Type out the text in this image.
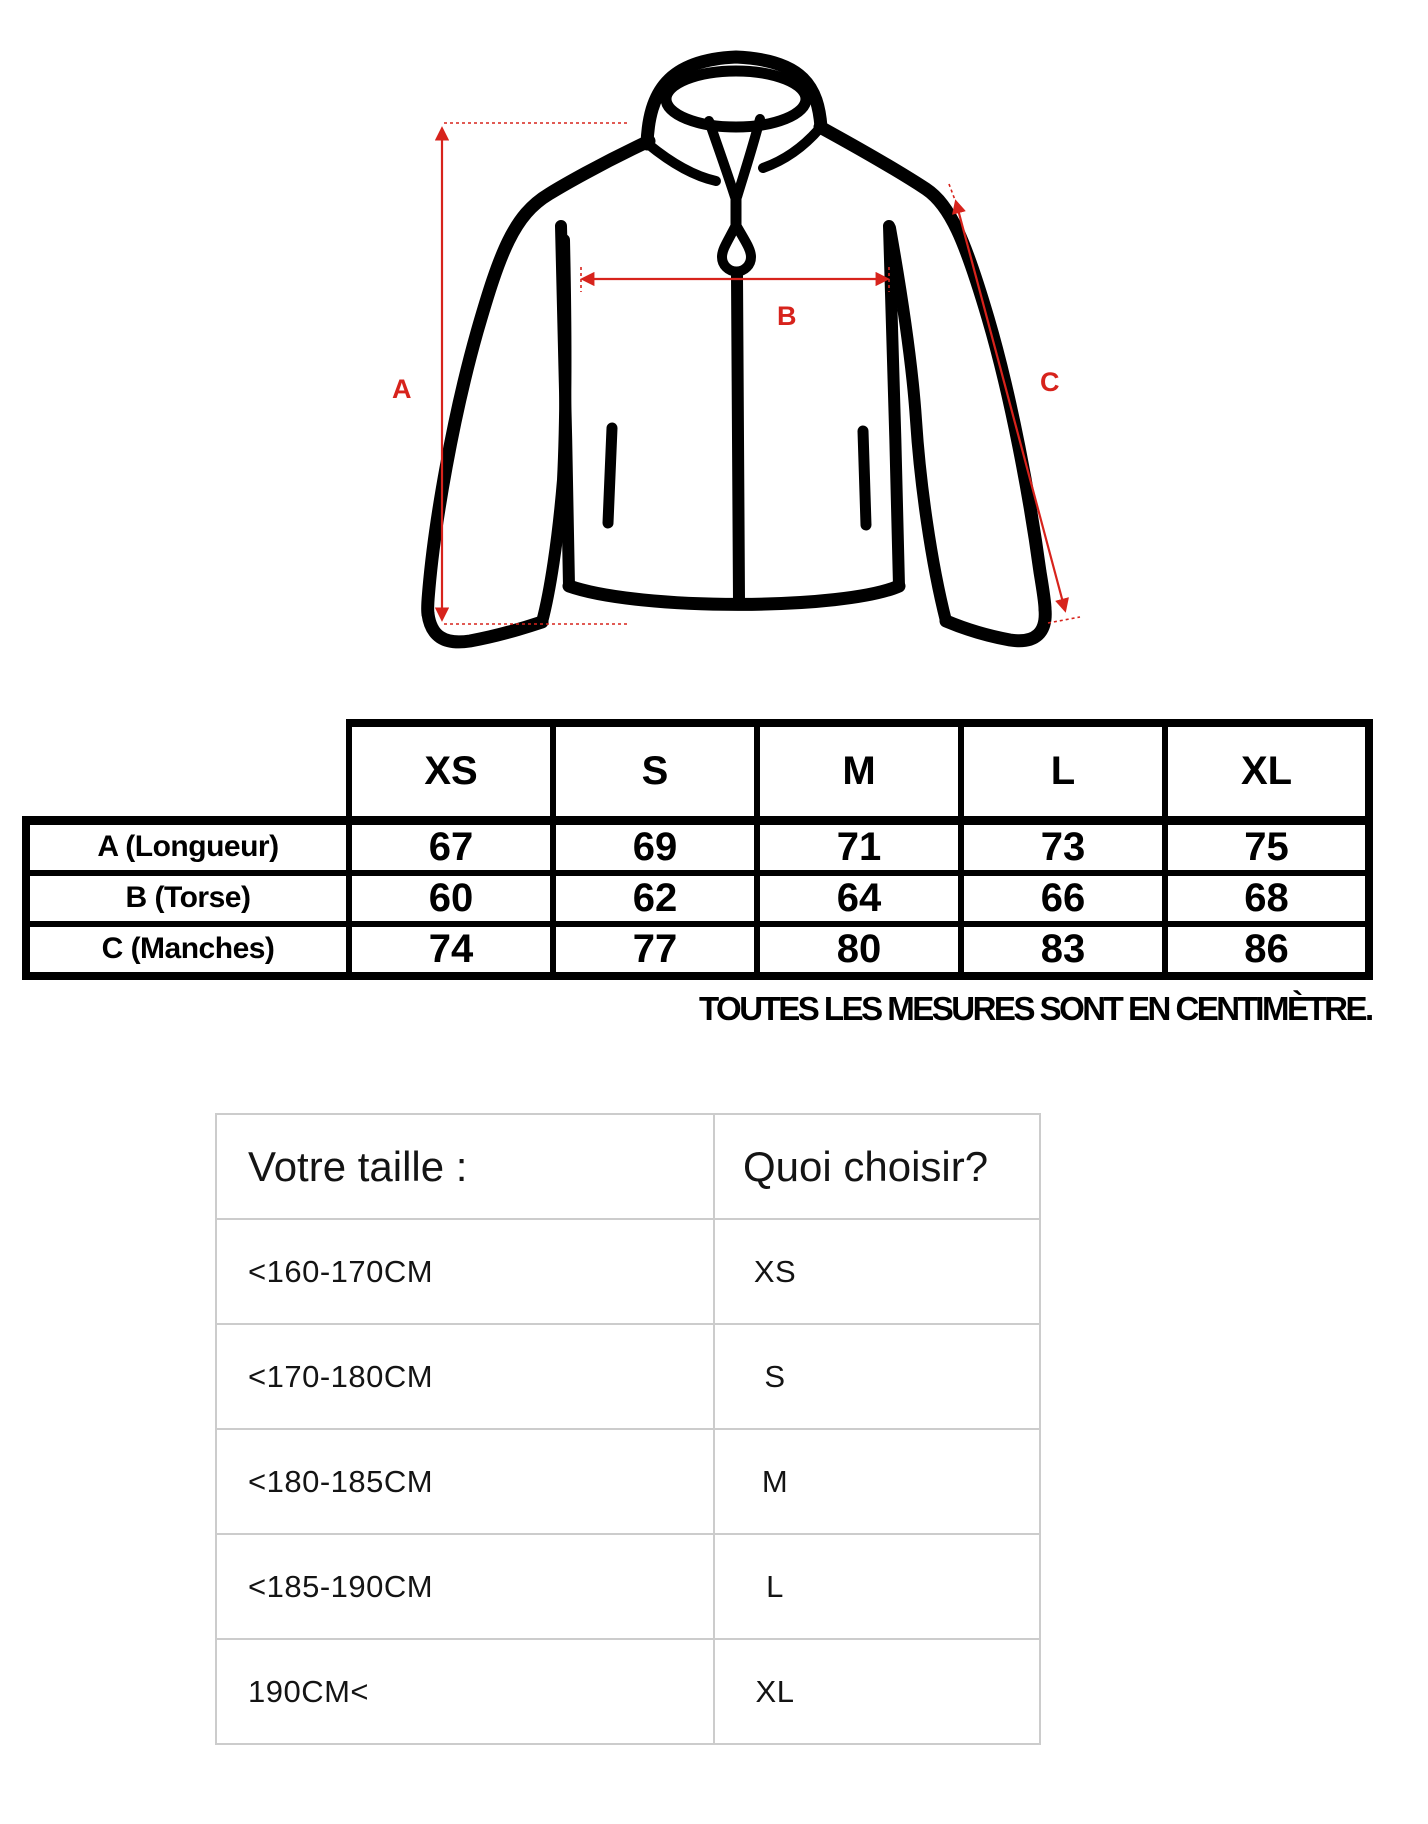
A
B
C
	XS	S	M	L	XL
A (Longueur)	67	69	71	73	75
B (Torse)	60	62	64	66	68
C (Manches)	74	77	80	83	86
TOUTES LES MESURES SONT EN CENTIMÈTRE.
Votre taille :	Quoi choisir?
<160-170CM	XS
<170-180CM	S
<180-185CM	M
<185-190CM	L
190CM<	XL
